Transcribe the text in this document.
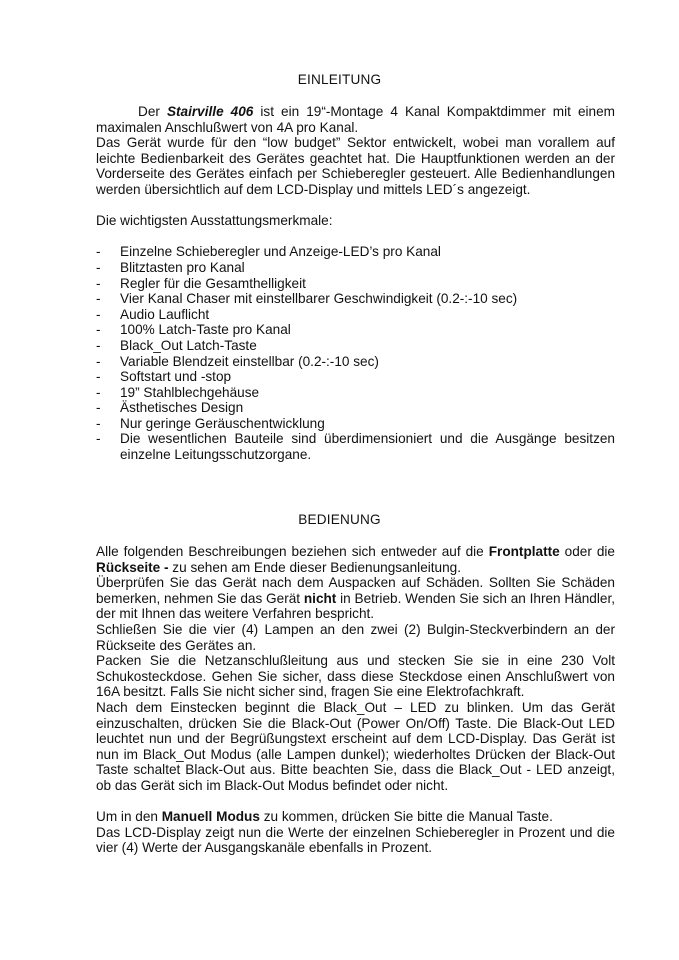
EINLEITUNG

Der Stairville 406 ist ein 19“-Montage 4 Kanal Kompaktdimmer mit einem maximalen Anschlußwert von 4A pro Kanal.

Das Gerät wurde für den “low budget” Sektor entwickelt, wobei man vorallem auf leichte Bedienbarkeit des Gerätes geachtet hat. Die Hauptfunktionen werden an der Vorderseite des Gerätes einfach per Schieberegler gesteuert. Alle Bedienhandlungen werden übersichtlich auf dem LCD-Display und mittels LED´s angezeigt.

Die wichtigsten Ausstattungsmerkmale:

- Einzelne Schieberegler und Anzeige-LED’s pro Kanal
- Blitztasten pro Kanal
- Regler für die Gesamthelligkeit
- Vier Kanal Chaser mit einstellbarer Geschwindigkeit (0.2-:-10 sec)
- Audio Lauflicht
- 100% Latch-Taste pro Kanal
- Black_Out Latch-Taste
- Variable Blendzeit einstellbar (0.2-:-10 sec)
- Softstart und -stop
- 19” Stahlblechgehäuse
- Ästhetisches Design
- Nur geringe Geräuschentwicklung
- Die wesentlichen Bauteile sind überdimensioniert und die Ausgänge besitzen einzelne Leitungsschutzorgane.
BEDIENUNG

Alle folgenden Beschreibungen beziehen sich entweder auf die Frontplatte oder die Rückseite - zu sehen am Ende dieser Bedienungsanleitung.

Überprüfen Sie das Gerät nach dem Auspacken auf Schäden. Sollten Sie Schäden bemerken, nehmen Sie das Gerät nicht in Betrieb. Wenden Sie sich an Ihren Händler, der mit Ihnen das weitere Verfahren bespricht.

Schließen Sie die vier (4) Lampen an den zwei (2) Bulgin-Steckverbindern an der Rückseite des Gerätes an.

Packen Sie die Netzanschlußleitung aus und stecken Sie sie in eine 230 Volt Schukosteckdose. Gehen Sie sicher, dass diese Steckdose einen Anschlußwert von 16A besitzt. Falls Sie nicht sicher sind, fragen Sie eine Elektrofachkraft.

Nach dem Einstecken beginnt die Black_Out – LED zu blinken. Um das Gerät einzuschalten, drücken Sie die Black-Out (Power On/Off) Taste. Die Black-Out LED leuchtet nun und der Begrüßungstext erscheint auf dem LCD-Display. Das Gerät ist nun im Black_Out Modus (alle Lampen dunkel); wiederholtes Drücken der Black-Out Taste schaltet Black-Out aus. Bitte beachten Sie, dass die Black_Out - LED anzeigt, ob das Gerät sich im Black-Out Modus befindet oder nicht.

Um in den Manuell Modus zu kommen, drücken Sie bitte die Manual Taste.

Das LCD-Display zeigt nun die Werte der einzelnen Schieberegler in Prozent und die vier (4) Werte der Ausgangskanäle ebenfalls in Prozent.
